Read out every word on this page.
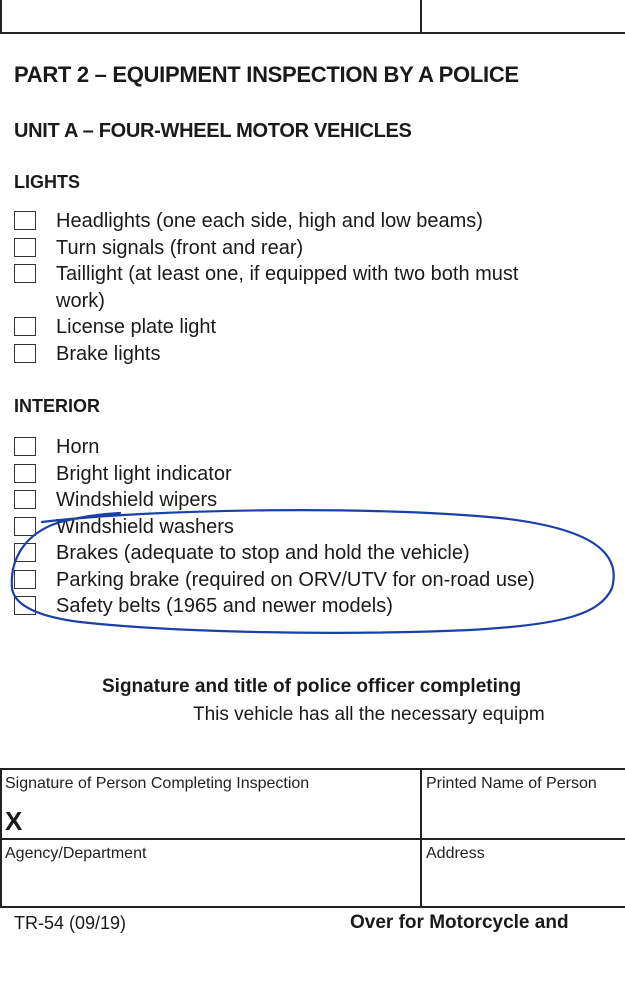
PART 2 – EQUIPMENT INSPECTION BY A POLICE
UNIT A – FOUR-WHEEL MOTOR VEHICLES
LIGHTS
Headlights (one each side, high and low beams)
Turn signals (front and rear)
Taillight (at least one, if equipped with two both must work)
License plate light
Brake lights
INTERIOR
Horn
Bright light indicator
Windshield wipers
Windshield washers
Brakes (adequate to stop and hold the vehicle)
Parking brake (required on ORV/UTV for on-road use)
Safety belts (1965 and newer models)
Signature and title of police officer completing
This vehicle has all the necessary equipm
Signature of Person Completing Inspection
X
Printed Name of Person
Agency/Department	Address
TR-54 (09/19)	Over for Motorcycle and
